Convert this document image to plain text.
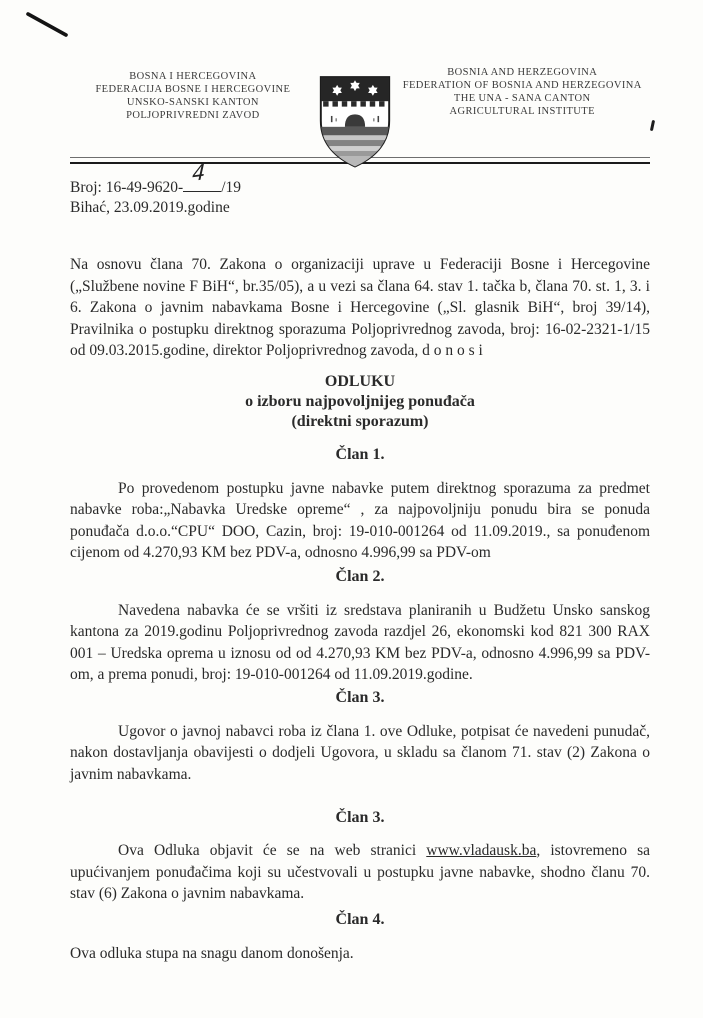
BOSNA I HERCEGOVINA
FEDERACIJA BOSNE I HERCEGOVINE
UNSKO-SANSKI KANTON
POLJOPRIVREDNI ZAVOD
BOSNIA AND HERZEGOVINA
FEDERATION OF BOSNIA AND HERZEGOVINA
THE UNA - SANA CANTON
AGRICULTURAL INSTITUTE
Broj: 16-49-9620-
4
/19
Bihać, 23.09.2019.godine

Na osnovu člana 70. Zakona o organizaciji uprave u Federaciji Bosne i Hercegovine („Službene novine F BiH“, br.35/05), a u vezi sa člana 64. stav 1. tačka b, člana 70. st. 1, 3. i 6. Zakona o javnim nabavkama Bosne i Hercegovine („Sl. glasnik BiH“, broj 39/14), Pravilnika o postupku direktnog sporazuma Poljoprivrednog zavoda, broj: 16-02-2321-1/15 od 09.03.2015.godine, direktor Poljoprivrednog zavoda, d o n o s i

ODLUKU
o izboru najpovoljnijeg ponuđača
(direktni sporazum)

Član 1.

Po provedenom postupku javne nabavke putem direktnog sporazuma za predmet nabavke roba:„Nabavka Uredske opreme“ , za najpovoljniju ponudu bira se ponuda ponuđača d.o.o.“CPU“ DOO, Cazin, broj: 19-010-001264 od 11.09.2019., sa ponuđenom cijenom od 4.270,93 KM bez PDV-a, odnosno 4.996,99 sa PDV-om

Član 2.

Navedena nabavka će se vršiti iz sredstava planiranih u Budžetu Unsko sanskog kantona za 2019.godinu Poljoprivrednog zavoda razdjel 26, ekonomski kod 821 300 RAX 001 – Uredska oprema u iznosu od od 4.270,93 KM bez PDV-a, odnosno 4.996,99 sa PDV-om, a prema ponudi, broj: 19-010-001264 od 11.09.2019.godine.

Član 3.

Ugovor o javnoj nabavci roba iz člana 1. ove Odluke, potpisat će navedeni punudač, nakon dostavljanja obavijesti o dodjeli Ugovora, u skladu sa članom 71. stav (2) Zakona o javnim nabavkama.

Član 3.

Ova Odluka objavit će se na web stranici www.vladausk.ba, istovremeno sa upućivanjem ponuđačima koji su učestvovali u postupku javne nabavke, shodno članu 70. stav (6) Zakona o javnim nabavkama.

Član 4.

Ova odluka stupa na snagu danom donošenja.
